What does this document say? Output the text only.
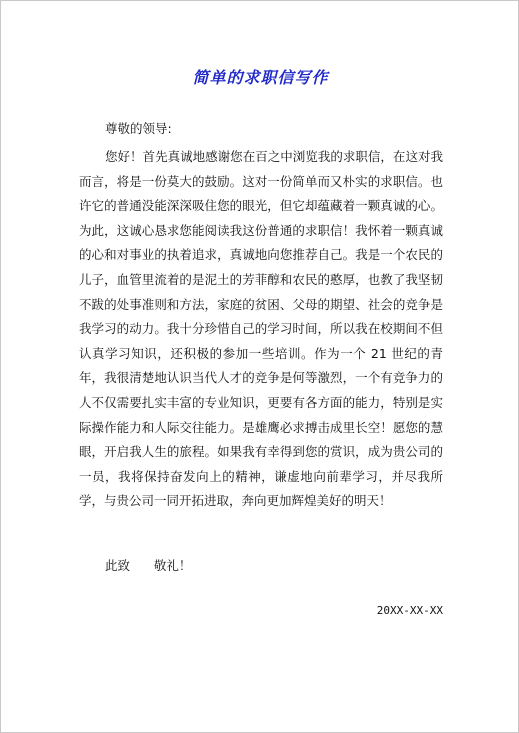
简单的求职信写作
尊敬的领导:
您好！首先真诚地感谢您在百之中浏览我的求职信，在这对我而言，将是一份莫大的鼓励。这对一份简单而又朴实的求职信。也许它的普通没能深深吸住您的眼光，但它却蕴藏着一颗真诚的心。为此，这诚心恳求您能阅读我这份普通的求职信！我怀着一颗真诚的心和对事业的执着追求，真诚地向您推荐自己。我是一个农民的儿子，血管里流着的是泥土的芳菲醇和农民的憨厚，也教了我坚韧不跋的处事准则和方法，家庭的贫困、父母的期望、社会的竞争是我学习的动力。我十分珍惜自己的学习时间，所以我在校期间不但认真学习知识，还积极的参加一些培训。作为一个 21 世纪的青年，我很清楚地认识当代人才的竞争是何等激烈，一个有竞争力的人不仅需要扎实丰富的专业知识，更要有各方面的能力，特别是实际操作能力和人际交往能力。是雄鹰必求搏击成里长空！愿您的慧眼，开启我人生的旅程。如果我有幸得到您的赏识，成为贵公司的一员，我将保持奋发向上的精神，谦虚地向前辈学习，并尽我所学，与贵公司一同开拓进取，奔向更加辉煌美好的明天！
此致      敬礼！
20XX-XX-XX
